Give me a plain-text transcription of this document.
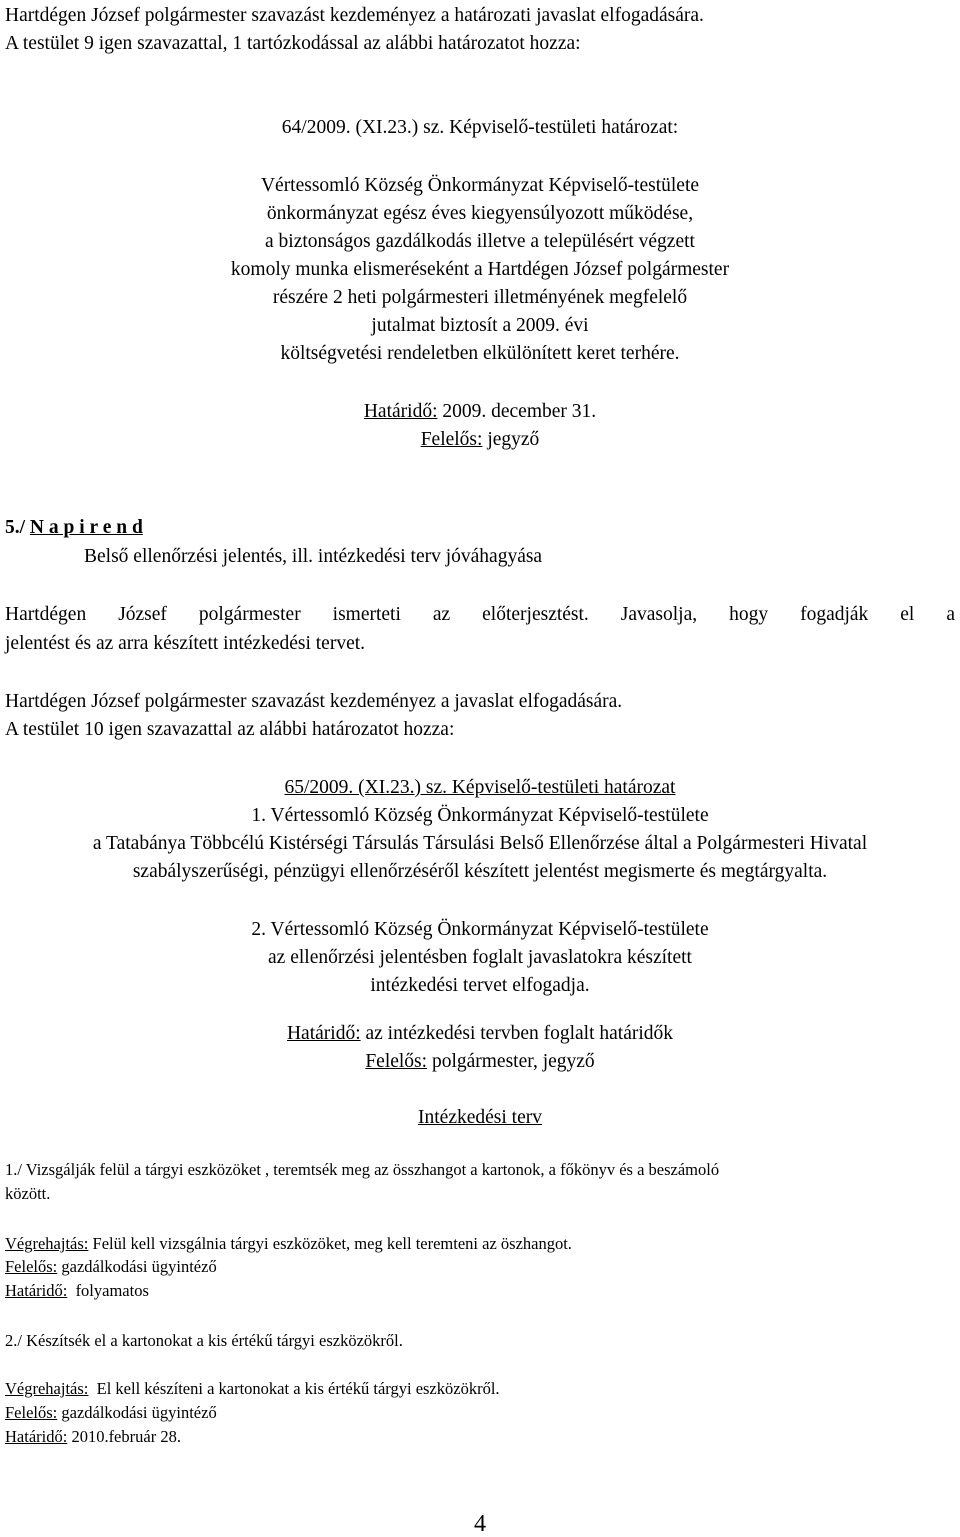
Hartdégen József polgármester szavazást kezdeményez a határozati javaslat elfogadására.
A testület 9 igen szavazattal, 1 tartózkodással az alábbi határozatot hozza:
64/2009. (XI.23.) sz. Képviselő-testületi határozat:
Vértessomló Község Önkormányzat Képviselő-testülete
önkormányzat egész éves kiegyensúlyozott működése,
a biztonságos gazdálkodás illetve a településért végzett
komoly munka elismeréseként a Hartdégen József polgármester
részére 2 heti polgármesteri illetményének megfelelő
jutalmat biztosít a 2009. évi
költségvetési rendeletben elkülönített keret terhére.
Határidő: 2009. december 31.
Felelős: jegyző
5./ N a p i r e n d
Belső ellenőrzési jelentés, ill. intézkedési terv jóváhagyása
Hartdégen József polgármester ismerteti az előterjesztést. Javasolja, hogy fogadják el a
jelentést és az arra készített intézkedési tervet.
Hartdégen József polgármester szavazást kezdeményez a javaslat elfogadására.
A testület 10 igen szavazattal az alábbi határozatot hozza:
65/2009. (XI.23.) sz. Képviselő-testületi határozat
1. Vértessomló Község Önkormányzat Képviselő-testülete
a Tatabánya Többcélú Kistérségi Társulás Társulási Belső Ellenőrzése által a Polgármesteri Hivatal
szabályszerűségi, pénzügyi ellenőrzéséről készített jelentést megismerte és megtárgyalta.
2. Vértessomló Község Önkormányzat Képviselő-testülete
az ellenőrzési jelentésben foglalt javaslatokra készített
intézkedési tervet elfogadja.
Határidő: az intézkedési tervben foglalt határidők
Felelős: polgármester, jegyző
Intézkedési terv
1./ Vizsgálják felül a tárgyi eszközöket , teremtsék meg az összhangot a kartonok, a főkönyv és a beszámoló
között.
Végrehajtás: Felül kell vizsgálnia tárgyi eszközöket, meg kell teremteni az öszhangot.
Felelős: gazdálkodási ügyintéző
Határidő:  folyamatos
2./ Készítsék el a kartonokat a kis értékű tárgyi eszközökről.
Végrehajtás:  El kell készíteni a kartonokat a kis értékű tárgyi eszközökről.
Felelős: gazdálkodási ügyintéző
Határidő: 2010.február 28.
4
